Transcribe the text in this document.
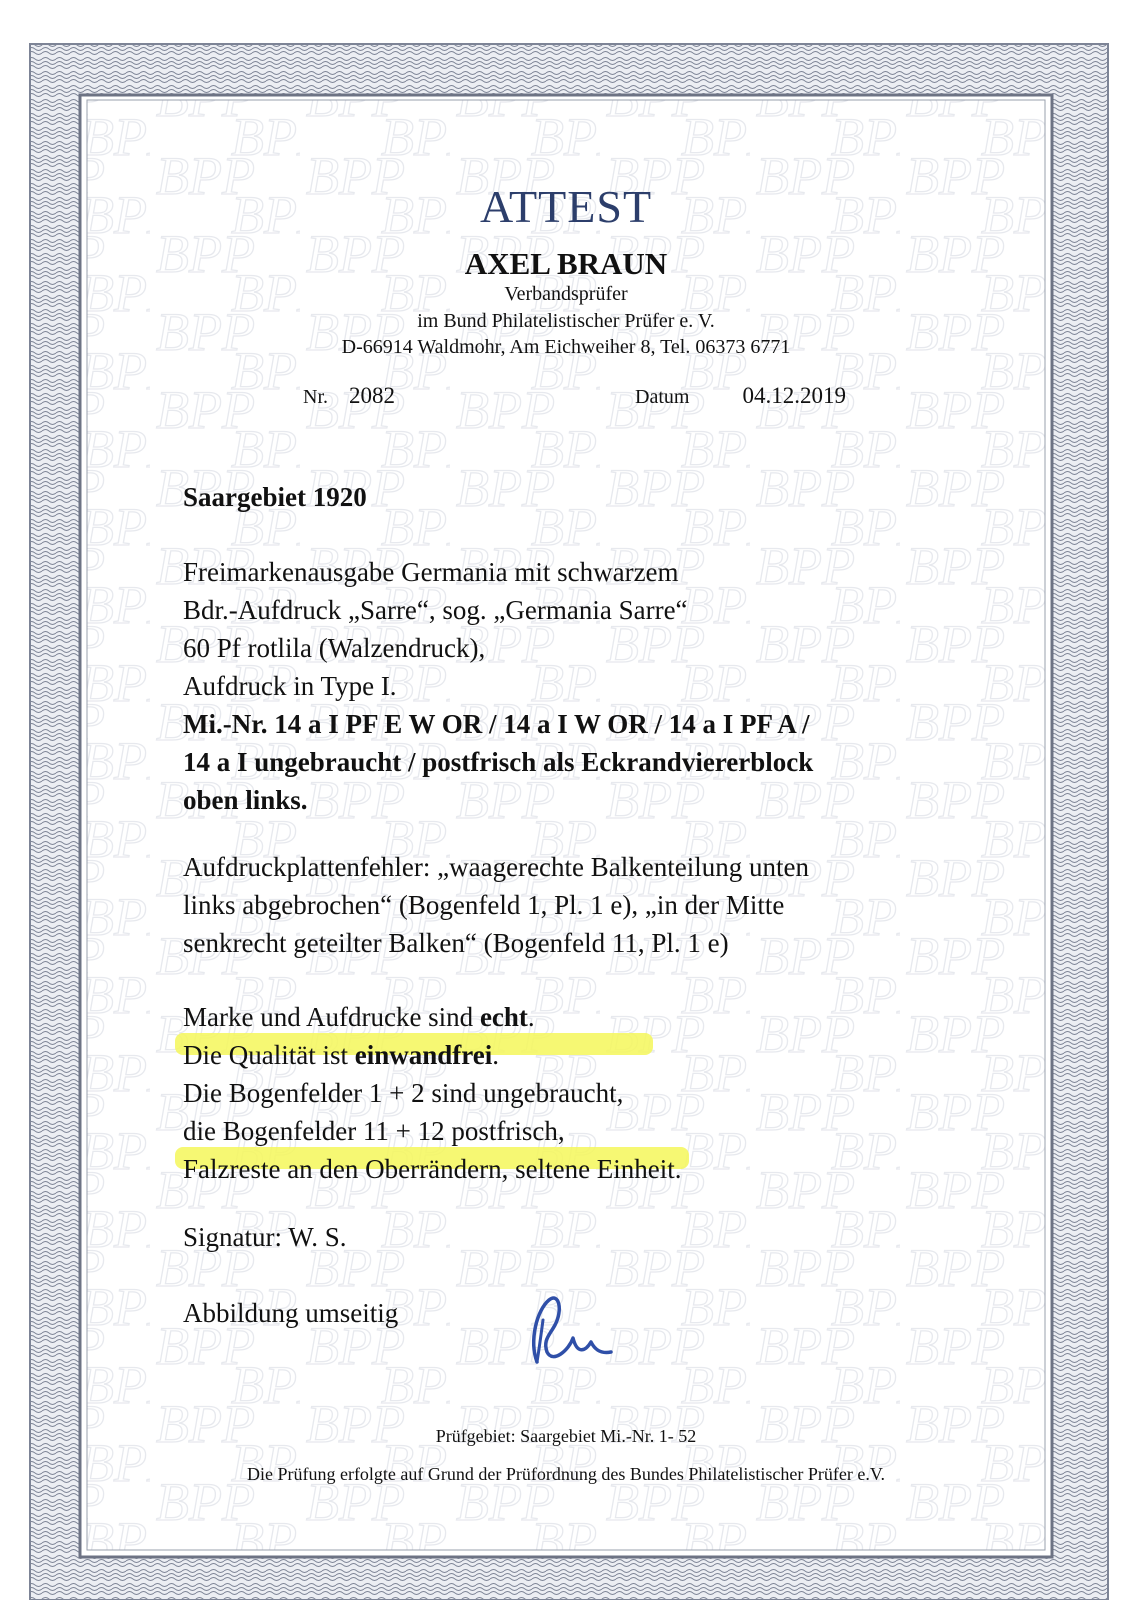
ATTEST
AXEL BRAUN
Verbandsprüfer
im Bund Philatelistischer Prüfer e. V.
D-66914 Waldmohr, Am Eichweiher 8, Tel. 06373 6771
Nr. 2082	Datum 04.12.2019
Saargebiet 1920
Freimarkenausgabe Germania mit schwarzem
Bdr.-Aufdruck „Sarre“, sog. „Germania Sarre“
60 Pf rotlila (Walzendruck),
Aufdruck in Type I.
Mi.-Nr. 14 a I PF E W OR / 14 a I W OR / 14 a I PF A /
14 a I ungebraucht / postfrisch als Eckrandviererblock
oben links.
Aufdruckplattenfehler: „waagerechte Balkenteilung unten
links abgebrochen“ (Bogenfeld 1, Pl. 1 e), „in der Mitte
senkrecht geteilter Balken“ (Bogenfeld 11, Pl. 1 e)
Marke und Aufdrucke sind echt.
Die Qualität ist einwandfrei.
Die Bogenfelder 1 + 2 sind ungebraucht,
die Bogenfelder 11 + 12 postfrisch,
Falzreste an den Oberrändern, seltene Einheit.
Signatur: W. S.
Abbildung umseitig
Prüfgebiet: Saargebiet Mi.-Nr. 1- 52
Die Prüfung erfolgte auf Grund der Prüfordnung des Bundes Philatelistischer Prüfer e.V.
